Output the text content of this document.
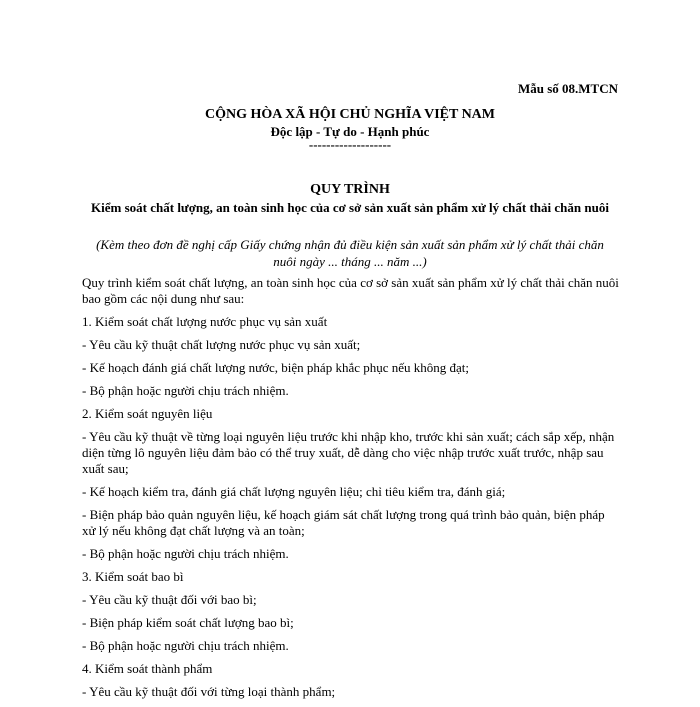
Mẫu số 08.MTCN
CỘNG HÒA XÃ HỘI CHỦ NGHĨA VIỆT NAM
Độc lập - Tự do - Hạnh phúc
-------------------
QUY TRÌNH
Kiểm soát chất lượng, an toàn sinh học của cơ sở sản xuất sản phẩm xử lý chất thải chăn nuôi
(Kèm theo đơn đề nghị cấp Giấy chứng nhận đủ điều kiện sản xuất sản phẩm xử lý chất thải chăn nuôi ngày ... tháng ... năm ...)

Quy trình kiểm soát chất lượng, an toàn sinh học của cơ sở sản xuất sản phẩm xử lý chất thải chăn nuôi bao gồm các nội dung như sau:

1. Kiểm soát chất lượng nước phục vụ sản xuất

- Yêu cầu kỹ thuật chất lượng nước phục vụ sản xuất;

- Kế hoạch đánh giá chất lượng nước, biện pháp khắc phục nếu không đạt;

- Bộ phận hoặc người chịu trách nhiệm.

2. Kiểm soát nguyên liệu

- Yêu cầu kỹ thuật về từng loại nguyên liệu trước khi nhập kho, trước khi sản xuất; cách sắp xếp, nhận diện từng lô nguyên liệu đảm bảo có thể truy xuất, dễ dàng cho việc nhập trước xuất trước, nhập sau xuất sau;

- Kế hoạch kiểm tra, đánh giá chất lượng nguyên liệu; chỉ tiêu kiểm tra, đánh giá;

- Biện pháp bảo quản nguyên liệu, kế hoạch giám sát chất lượng trong quá trình bảo quản, biện pháp xử lý nếu không đạt chất lượng và an toàn;

- Bộ phận hoặc người chịu trách nhiệm.

3. Kiểm soát bao bì

- Yêu cầu kỹ thuật đối với bao bì;

- Biện pháp kiểm soát chất lượng bao bì;

- Bộ phận hoặc người chịu trách nhiệm.

4. Kiểm soát thành phẩm

- Yêu cầu kỹ thuật đối với từng loại thành phẩm;
